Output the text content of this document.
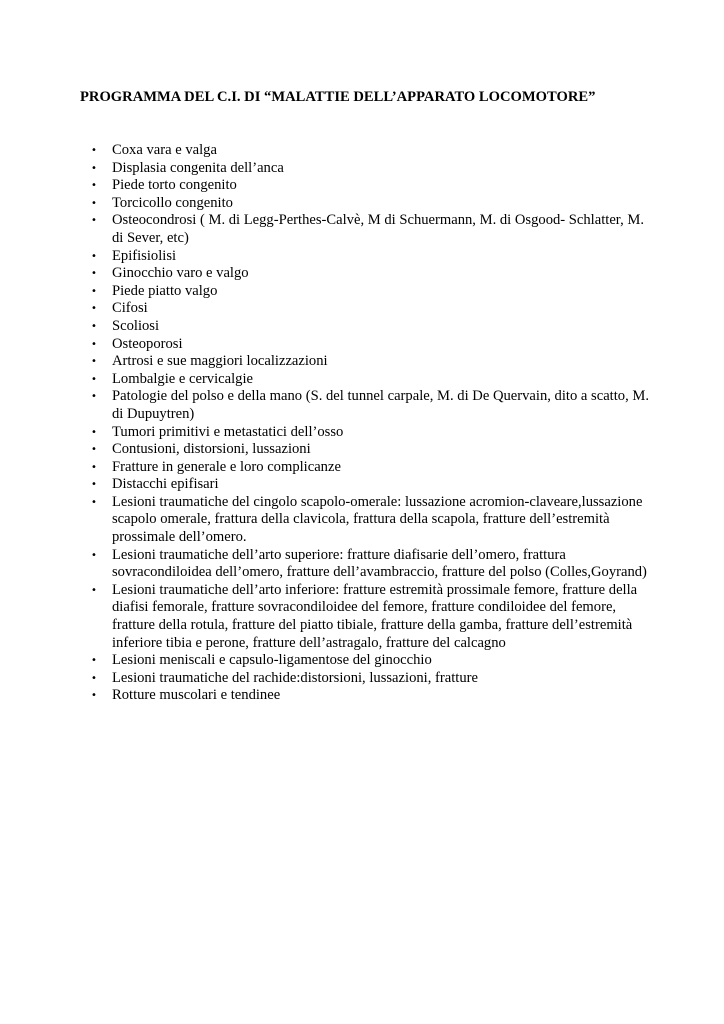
PROGRAMMA DEL C.I. DI “MALATTIE DELL’APPARATO LOCOMOTORE”
• Coxa vara e valga
• Displasia congenita dell’anca
• Piede torto congenito
• Torcicollo congenito
• Osteocondrosi ( M. di Legg-Perthes-Calvè, M di Schuermann, M. di Osgood- Schlatter, M. di Sever, etc)
• Epifisiolisi
• Ginocchio varo e valgo
• Piede piatto valgo
• Cifosi
• Scoliosi
• Osteoporosi
• Artrosi e sue maggiori localizzazioni
• Lombalgie e cervicalgie
• Patologie del polso e della mano (S. del tunnel carpale, M. di De Quervain, dito a scatto, M. di Dupuytren)
• Tumori primitivi e metastatici dell’osso
• Contusioni, distorsioni, lussazioni
• Fratture in generale e loro complicanze
• Distacchi epifisari
• Lesioni traumatiche del cingolo scapolo-omerale: lussazione acromion-claveare,lussazione scapolo omerale, frattura della clavicola, frattura della scapola, fratture dell’estremità prossimale dell’omero.
• Lesioni traumatiche dell’arto superiore: fratture diafisarie dell’omero, frattura sovracondiloidea dell’omero, fratture dell’avambraccio, fratture del polso (Colles,Goyrand)
• Lesioni traumatiche dell’arto inferiore: fratture estremità prossimale femore, fratture della diafisi femorale, fratture sovracondiloidee del femore, fratture condiloidee del femore, fratture della rotula, fratture del piatto tibiale, fratture della gamba, fratture dell’estremità inferiore tibia e perone, fratture dell’astragalo, fratture del calcagno
• Lesioni meniscali e capsulo-ligamentose del ginocchio
• Lesioni traumatiche del rachide:distorsioni, lussazioni, fratture
• Rotture muscolari e tendinee
